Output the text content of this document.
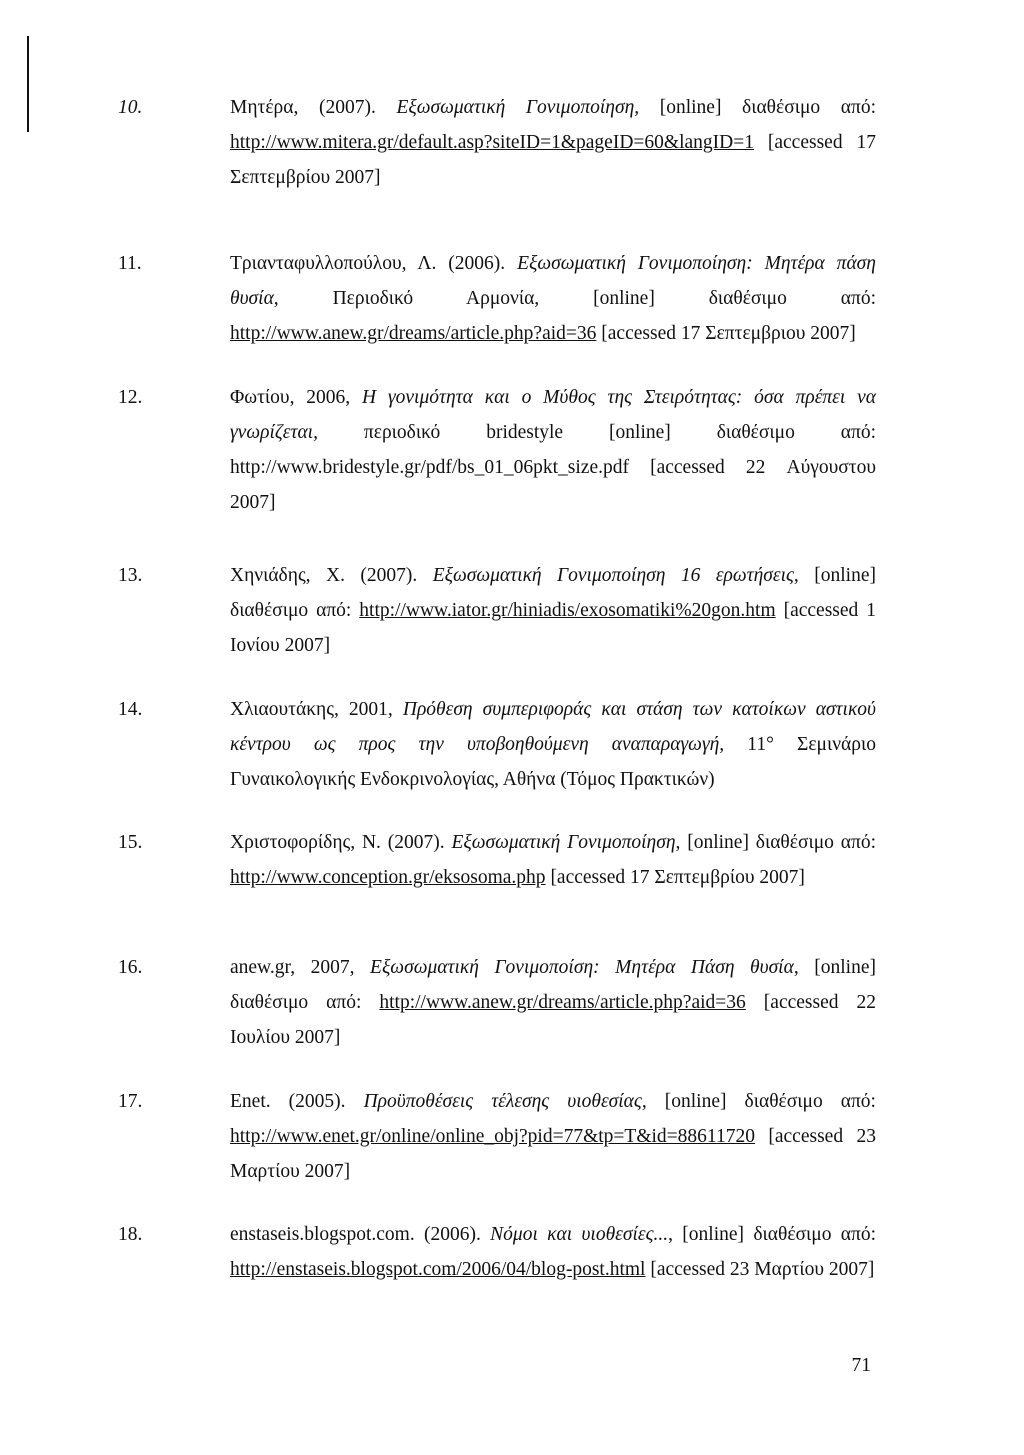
10.	Μητέρα, (2007). Εξωσωματική Γονιμοποίηση, [online] διαθέσιμο από: http://www.mitera.gr/default.asp?siteID=1&pageID=60&langID=1 [accessed 17 Σεπτεμβρίου 2007]
11.	Τριανταφυλλοπούλου, Λ. (2006). Εξωσωματική Γονιμοποίηση: Μητέρα πάση θυσία, Περιοδικό Αρμονία, [online] διαθέσιμο από: http://www.anew.gr/dreams/article.php?aid=36 [accessed 17 Σεπτεμβριου 2007]
12.	Φωτίου, 2006, Η γονιμότητα και ο Μύθος της Στειρότητας: όσα πρέπει να γνωρίζεται, περιοδικό bridestyle [online] διαθέσιμο από: http://www.bridestyle.gr/pdf/bs_01_06pkt_size.pdf [accessed 22 Αύγουστου 2007]
13.	Χηνιάδης, Χ. (2007). Εξωσωματική Γονιμοποίηση 16 ερωτήσεις, [online] διαθέσιμο από: http://www.iator.gr/hiniadis/exosomatiki%20gon.htm [accessed 1 Ιονίου 2007]
14.	Χλιαουτάκης, 2001, Πρόθεση συμπεριφοράς και στάση των κατοίκων αστικού κέντρου ως προς την υποβοηθούμενη αναπαραγωγή, 11° Σεμινάριο Γυναικολογικής Ενδοκρινολογίας, Αθήνα (Τόμος Πρακτικών)
15.	Χριστοφορίδης, Ν. (2007). Εξωσωματική Γονιμοποίηση, [online] διαθέσιμο από: http://www.conception.gr/eksosoma.php [accessed 17 Σεπτεμβρίου 2007]
16.	anew.gr, 2007, Εξωσωματική Γονιμοποίση: Μητέρα Πάση θυσία, [online] διαθέσιμο από: http://www.anew.gr/dreams/article.php?aid=36 [accessed 22 Ιουλίου 2007]
17.	Enet. (2005). Προϋποθέσεις τέλεσης υιοθεσίας, [online] διαθέσιμο από: http://www.enet.gr/online/online_obj?pid=77&tp=T&id=88611720 [accessed 23 Μαρτίου 2007]
18.	enstaseis.blogspot.com. (2006). Νόμοι και υιοθεσίες..., [online] διαθέσιμο από: http://enstaseis.blogspot.com/2006/04/blog-post.html [accessed 23 Μαρτίου 2007]
71
